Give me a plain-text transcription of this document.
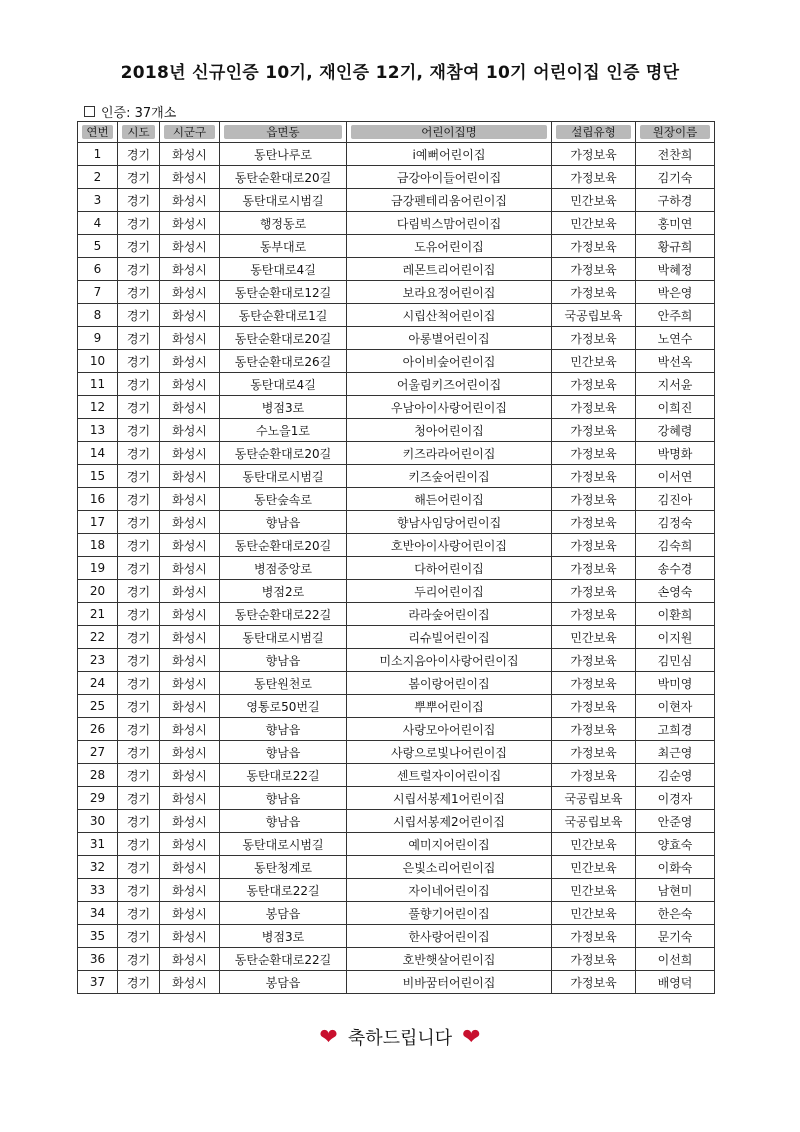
2018년 신규인증 10기, 재인증 12기, 재참여 10기 어린이집 인증 명단
인증: 37개소
연번	시도	시군구	읍면동	어린이집명	설립유형	원장이름

1	경기	화성시	동탄나루로	i예뻐어린이집	가정보육	전찬희
2	경기	화성시	동탄순환대로20길	금강아이들어린이집	가정보육	김기숙
3	경기	화성시	동탄대로시범길	금강펜테리움어린이집	민간보육	구하경
4	경기	화성시	행정동로	다림빅스맘어린이집	민간보육	홍미연
5	경기	화성시	동부대로	도유어린이집	가정보육	황규희
6	경기	화성시	동탄대로4길	레몬트리어린이집	가정보육	박혜정
7	경기	화성시	동탄순환대로12길	보라요정어린이집	가정보육	박은영
8	경기	화성시	동탄순환대로1길	시립산척어린이집	국공립보육	안주희
9	경기	화성시	동탄순환대로20길	아롱별어린이집	가정보육	노연수
10	경기	화성시	동탄순환대로26길	아이비숲어린이집	민간보육	박선옥
11	경기	화성시	동탄대로4길	어울림키즈어린이집	가정보육	지서윤
12	경기	화성시	병점3로	우남아이사랑어린이집	가정보육	이희진
13	경기	화성시	수노을1로	청아어린이집	가정보육	강혜령
14	경기	화성시	동탄순환대로20길	키즈라라어린이집	가정보육	박명화
15	경기	화성시	동탄대로시범길	키즈숲어린이집	가정보육	이서연
16	경기	화성시	동탄숲속로	해든어린이집	가정보육	김진아
17	경기	화성시	향남읍	향남사임당어린이집	가정보육	김정숙
18	경기	화성시	동탄순환대로20길	호반아이사랑어린이집	가정보육	김숙희
19	경기	화성시	병점중앙로	다하어린이집	가정보육	송수경
20	경기	화성시	병점2로	두리어린이집	가정보육	손영숙
21	경기	화성시	동탄순환대로22길	라라숲어린이집	가정보육	이환희
22	경기	화성시	동탄대로시범길	리슈빌어린이집	민간보육	이지원
23	경기	화성시	향남읍	미소지음아이사랑어린이집	가정보육	김민심
24	경기	화성시	동탄원천로	봄이랑어린이집	가정보육	박미영
25	경기	화성시	영통로50번길	뿌뿌어린이집	가정보육	이현자
26	경기	화성시	향남읍	사랑모아어린이집	가정보육	고희경
27	경기	화성시	향남읍	사랑으로빛나어린이집	가정보육	최근영
28	경기	화성시	동탄대로22길	센트럴자이어린이집	가정보육	김순영
29	경기	화성시	향남읍	시립서봉제1어린이집	국공립보육	이경자
30	경기	화성시	향남읍	시립서봉제2어린이집	국공립보육	안준영
31	경기	화성시	동탄대로시범길	예미지어린이집	민간보육	양효숙
32	경기	화성시	동탄청계로	은빛소리어린이집	민간보육	이화숙
33	경기	화성시	동탄대로22길	자이네어린이집	민간보육	남현미
34	경기	화성시	봉담읍	풀향기어린이집	민간보육	한은숙
35	경기	화성시	병점3로	한사랑어린이집	가정보육	문기숙
36	경기	화성시	동탄순환대로22길	호반햇살어린이집	가정보육	이선희
37	경기	화성시	봉담읍	비바꿈터어린이집	가정보육	배영덕
❤ 축하드립니다 ❤
